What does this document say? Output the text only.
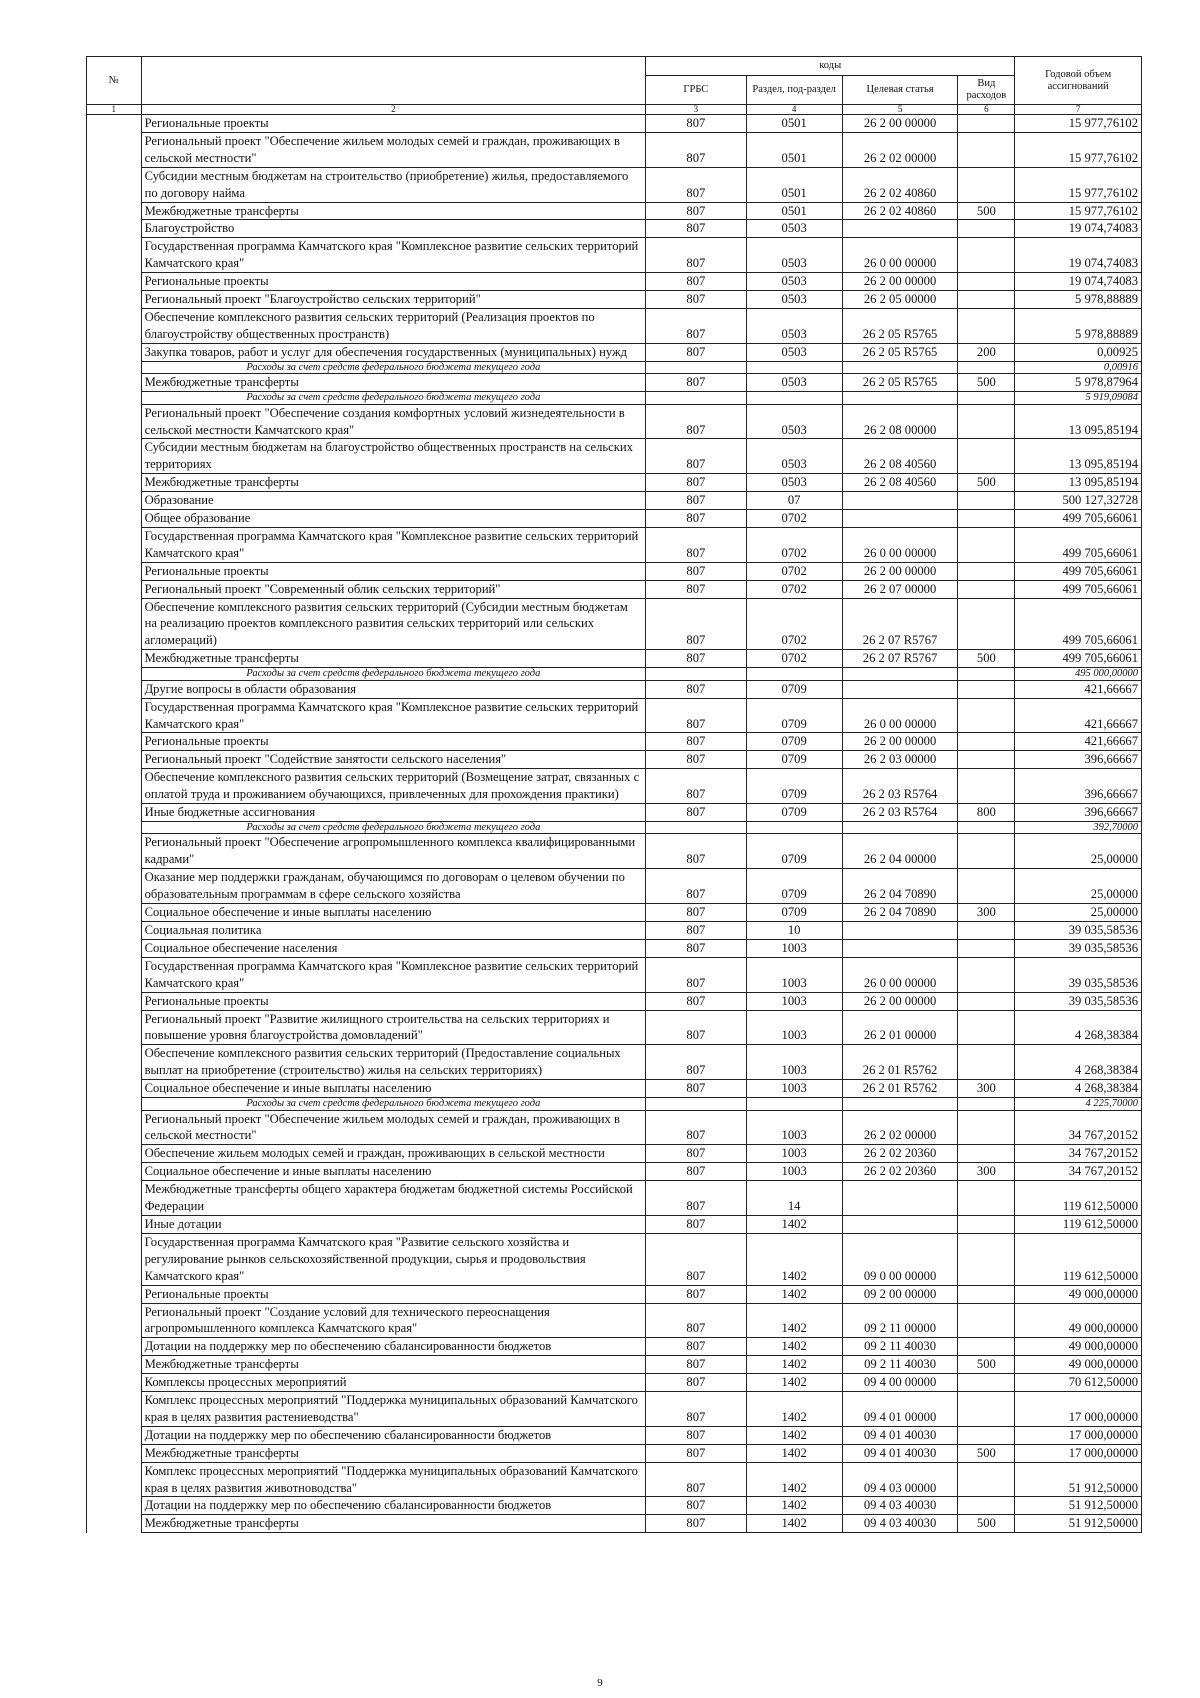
№		коды				Годовой объем ассигнований
		ГРБС	Раздел, под-раздел	Целевая статья	Вид расходов	
1	2	3	4	5	6	7
	Региональные проекты	807	0501	26 2 00 00000		15 977,76102
	Региональный проект "Обеспечение жильем молодых семей и граждан, проживающих в сельской местности"	807	0501	26 2 02 00000		15 977,76102
	Субсидии местным бюджетам на строительство (приобретение) жилья, предоставляемого по договору найма	807	0501	26 2 02 40860		15 977,76102
	Межбюджетные трансферты	807	0501	26 2 02 40860	500	15 977,76102
	Благоустройство	807	0503			19 074,74083
	Государственная программа Камчатского края "Комплексное развитие сельских территорий Камчатского края"	807	0503	26 0 00 00000		19 074,74083
	Региональные проекты	807	0503	26 2 00 00000		19 074,74083
	Региональный проект "Благоустройство сельских территорий"	807	0503	26 2 05 00000		5 978,88889
	Обеспечение комплексного развития сельских территорий (Реализация проектов по благоустройству общественных пространств)	807	0503	26 2 05 R5765		5 978,88889
	Закупка товаров, работ и услуг для обеспечения государственных (муниципальных) нужд	807	0503	26 2 05 R5765	200	0,00925
	Расходы за счет средств федерального бюджета текущего года					0,00916
	Межбюджетные трансферты	807	0503	26 2 05 R5765	500	5 978,87964
	Расходы за счет средств федерального бюджета текущего года					5 919,09084
	Региональный проект "Обеспечение создания комфортных условий жизнедеятельности в сельской местности Камчатского края"	807	0503	26 2 08 00000		13 095,85194
	Субсидии местным бюджетам на благоустройство общественных пространств на сельских территориях	807	0503	26 2 08 40560		13 095,85194
	Межбюджетные трансферты	807	0503	26 2 08 40560	500	13 095,85194
	Образование	807	07			500 127,32728
	Общее образование	807	0702			499 705,66061
	Государственная программа Камчатского края "Комплексное развитие сельских территорий Камчатского края"	807	0702	26 0 00 00000		499 705,66061
	Региональные проекты	807	0702	26 2 00 00000		499 705,66061
	Региональный проект "Современный облик сельских территорий"	807	0702	26 2 07 00000		499 705,66061
	Обеспечение комплексного развития сельских территорий (Субсидии местным бюджетам на реализацию проектов комплексного развития сельских территорий или сельских агломераций)	807	0702	26 2 07 R5767		499 705,66061
	Межбюджетные трансферты	807	0702	26 2 07 R5767	500	499 705,66061
	Расходы за счет средств федерального бюджета текущего года					495 000,00000
	Другие вопросы в области образования	807	0709			421,66667
	Государственная программа Камчатского края "Комплексное развитие сельских территорий Камчатского края"	807	0709	26 0 00 00000		421,66667
	Региональные проекты	807	0709	26 2 00 00000		421,66667
	Региональный проект "Содействие занятости сельского населения"	807	0709	26 2 03 00000		396,66667
	Обеспечение комплексного развития сельских территорий (Возмещение затрат, связанных с оплатой труда и проживанием обучающихся, привлеченных для прохождения практики)	807	0709	26 2 03 R5764		396,66667
	Иные бюджетные ассигнования	807	0709	26 2 03 R5764	800	396,66667
	Расходы за счет средств федерального бюджета текущего года					392,70000
	Региональный проект "Обеспечение агропромышленного комплекса квалифицированными кадрами"	807	0709	26 2 04 00000		25,00000
	Оказание мер поддержки гражданам, обучающимся по договорам о целевом обучении по образовательным программам в сфере сельского хозяйства	807	0709	26 2 04 70890		25,00000
	Социальное обеспечение и иные выплаты населению	807	0709	26 2 04 70890	300	25,00000
	Социальная политика	807	10			39 035,58536
	Социальное обеспечение населения	807	1003			39 035,58536
	Государственная программа Камчатского края "Комплексное развитие сельских территорий Камчатского края"	807	1003	26 0 00 00000		39 035,58536
	Региональные проекты	807	1003	26 2 00 00000		39 035,58536
	Региональный проект "Развитие жилищного строительства на сельских территориях и повышение уровня благоустройства домовладений"	807	1003	26 2 01 00000		4 268,38384
	Обеспечение комплексного развития сельских территорий (Предоставление социальных выплат на приобретение (строительство) жилья на сельских территориях)	807	1003	26 2 01 R5762		4 268,38384
	Социальное обеспечение и иные выплаты населению	807	1003	26 2 01 R5762	300	4 268,38384
	Расходы за счет средств федерального бюджета текущего года					4 225,70000
	Региональный проект "Обеспечение жильем молодых семей и граждан, проживающих в сельской местности"	807	1003	26 2 02 00000		34 767,20152
	Обеспечение жильем молодых семей и граждан, проживающих в сельской местности	807	1003	26 2 02 20360		34 767,20152
	Социальное обеспечение и иные выплаты населению	807	1003	26 2 02 20360	300	34 767,20152
	Межбюджетные трансферты общего характера бюджетам бюджетной системы Российской Федерации	807	14			119 612,50000
	Иные дотации	807	1402			119 612,50000
	Государственная программа Камчатского края "Развитие сельского хозяйства и регулирование рынков сельскохозяйственной продукции, сырья и продовольствия Камчатского края"	807	1402	09 0 00 00000		119 612,50000
	Региональные проекты	807	1402	09 2 00 00000		49 000,00000
	Региональный проект "Создание условий для технического переоснащения агропромышленного комплекса Камчатского края"	807	1402	09 2 11 00000		49 000,00000
	Дотации на поддержку мер по обеспечению сбалансированности бюджетов	807	1402	09 2 11 40030		49 000,00000
	Межбюджетные трансферты	807	1402	09 2 11 40030	500	49 000,00000
	Комплексы процессных мероприятий	807	1402	09 4 00 00000		70 612,50000
	Комплекс процессных мероприятий "Поддержка муниципальных образований Камчатского края в целях развития растениеводства"	807	1402	09 4 01 00000		17 000,00000
	Дотации на поддержку мер по обеспечению сбалансированности бюджетов	807	1402	09 4 01 40030		17 000,00000
	Межбюджетные трансферты	807	1402	09 4 01 40030	500	17 000,00000
	Комплекс процессных мероприятий "Поддержка муниципальных образований Камчатского края в целях развития животноводства"	807	1402	09 4 03 00000		51 912,50000
	Дотации на поддержку мер по обеспечению сбалансированности бюджетов	807	1402	09 4 03 40030		51 912,50000
	Межбюджетные трансферты	807	1402	09 4 03 40030	500	51 912,50000
9
